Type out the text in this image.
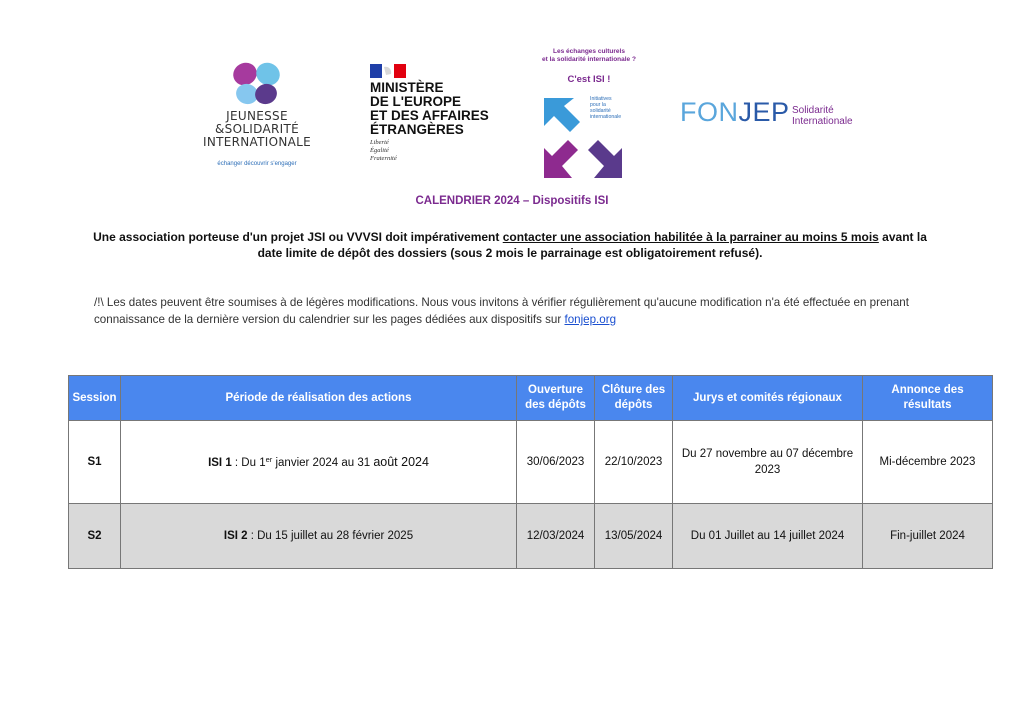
JEUNESSE
&SOLIDARITÉ
INTERNATIONALE
échanger découvrir s'engager
MINISTÈRE
DE L'EUROPE
ET DES AFFAIRES
ÉTRANGÈRES
Liberté
Égalité
Fraternité
Les échanges culturels
et la solidarité internationale ?
C'est ISI !
Initiatives
pour la
solidarité
internationale	FONJEP Solidarité
Internationale
CALENDRIER 2024 – Dispositifs ISI
Une association porteuse d'un projet JSI ou VVVSI doit impérativement contacter une association habilitée à la parrainer au moins 5 mois avant la date limite de dépôt des dossiers (sous 2 mois le parrainage est obligatoirement refusé).
/!\ Les dates peuvent être soumises à de légères modifications. Nous vous invitons à vérifier régulièrement qu'aucune modification n'a été effectuée en prenant connaissance de la dernière version du calendrier sur les pages dédiées aux dispositifs sur fonjep.org
Session	Période de réalisation des actions	Ouverture des dépôts	Clôture des dépôts	Jurys et comités régionaux	Annonce des résultats
S1	ISI 1 : Du 1er janvier 2024 au 31 août 2024	30/06/2023	22/10/2023	Du 27 novembre au 07 décembre 2023	Mi-décembre 2023
S2	ISI 2 : Du 15 juillet au 28 février 2025	12/03/2024	13/05/2024	Du 01 Juillet au 14 juillet 2024	Fin-juillet 2024
